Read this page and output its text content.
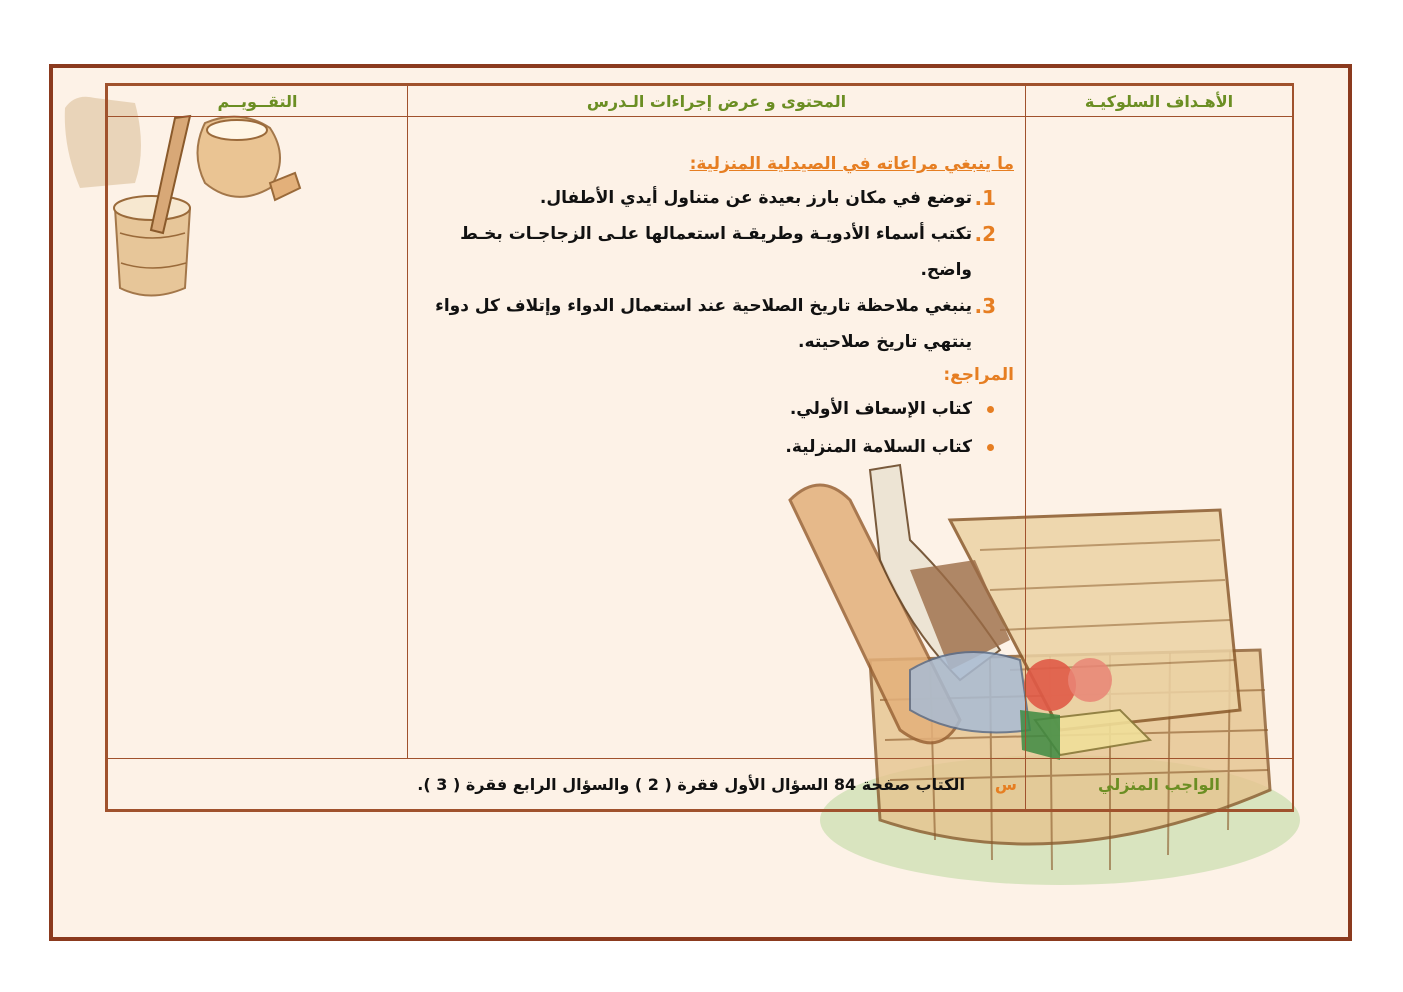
الأهـداف السلوكيـة
المحتوى و عرض إجراءات الـدرس
التقــويــم
ما ينبغي مراعاته في الصيدلية المنزلية:
1.
توضع في مكان بارز بعيدة عن متناول أيدي الأطفال.
2.
تكتب أسماء الأدويـة وطريقـة استعمالها علـى الزجاجـات بخـط واضح.
3.
ينبغي ملاحظة تاريخ الصلاحية عند استعمال الدواء وإتلاف كل دواء ينتهي تاريخ صلاحيته.
المراجع:
كتاب الإسعاف الأولي.
كتاب السلامة المنزلية.
الواجب المنزلي
س
الكتاب صفحة 84 السؤال الأول فقرة ( 2 ) والسؤال الرابع فقرة ( 3 ).
